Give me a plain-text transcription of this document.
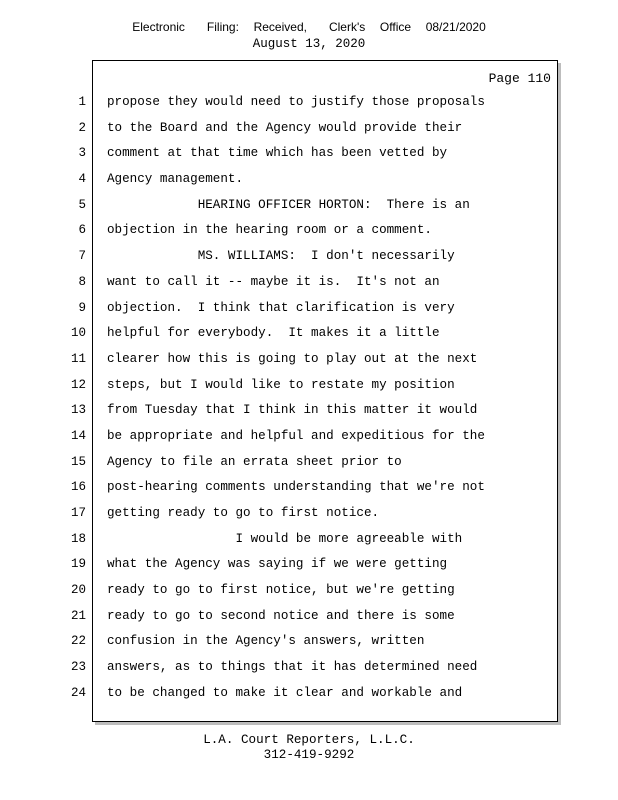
Electronic   Filing:  Received,   Clerk's  Office  08/21/2020
August 13, 2020
Page 110
1
2
3
4
5
6
7
8
9
10
11
12
13
14
15
16
17
18
19
20
21
22
23
24
propose they would need to justify those proposals
to the Board and the Agency would provide their
comment at that time which has been vetted by
Agency management.
HEARING OFFICER HORTON:  There is an
objection in the hearing room or a comment.
MS. WILLIAMS:  I don't necessarily
want to call it -- maybe it is.  It's not an
objection.  I think that clarification is very
helpful for everybody.  It makes it a little
clearer how this is going to play out at the next
steps, but I would like to restate my position
from Tuesday that I think in this matter it would
be appropriate and helpful and expeditious for the
Agency to file an errata sheet prior to
post-hearing comments understanding that we're not
getting ready to go to first notice.
I would be more agreeable with
what the Agency was saying if we were getting
ready to go to first notice, but we're getting
ready to go to second notice and there is some
confusion in the Agency's answers, written
answers, as to things that it has determined need
to be changed to make it clear and workable and
L.A. Court Reporters, L.L.C.
312-419-9292
